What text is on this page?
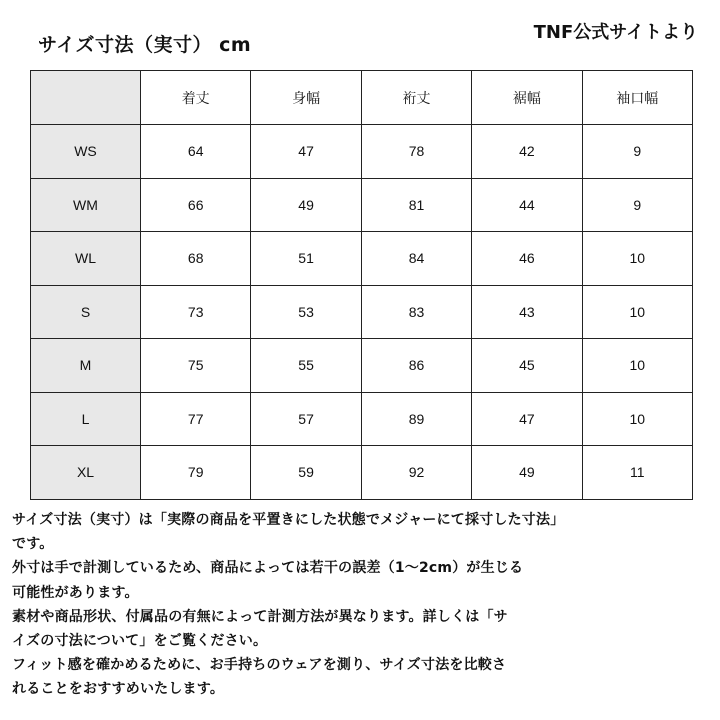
サイズ寸法（実寸） cm
TNF公式サイトより
	着丈	身幅	裄丈	裾幅	袖口幅
WS	64	47	78	42	9
WM	66	49	81	44	9
WL	68	51	84	46	10
S	73	53	83	43	10
M	75	55	86	45	10
L	77	57	89	47	10
XL	79	59	92	49	11

サイズ寸法（実寸）は「実際の商品を平置きにした状態でメジャーにて採寸した寸法」

です。

外寸は手で計測しているため、商品によっては若干の誤差（1～2cm）が生じる

可能性があります。

素材や商品形状、付属品の有無によって計測方法が異なります。詳しくは「サ

イズの寸法について」をご覧ください。

フィット感を確かめるために、お手持ちのウェアを測り、サイズ寸法を比較さ

れることをおすすめいたします。
